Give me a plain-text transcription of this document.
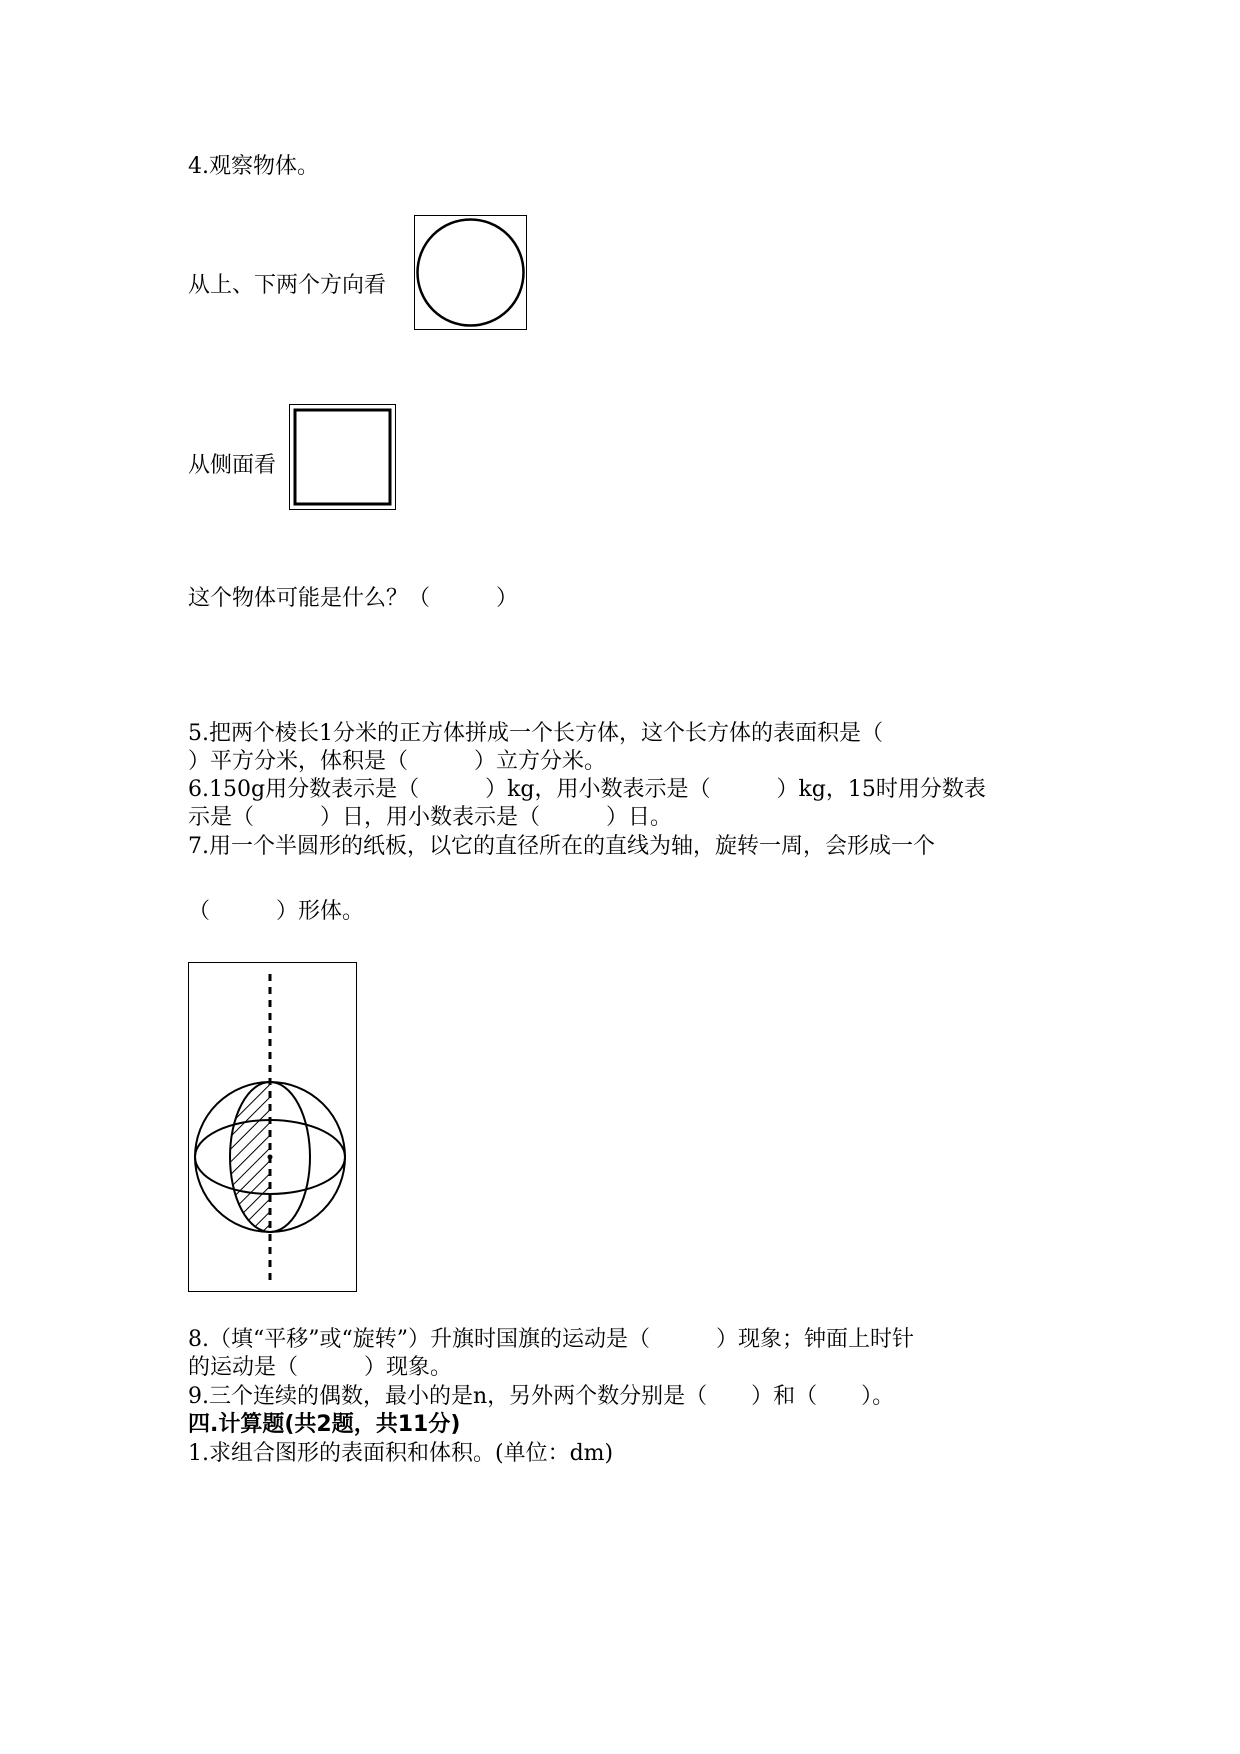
4.观察物体。
从上、下两个方向看
从侧面看
这个物体可能是什么？（　　　）
5.把两个棱长1分米的正方体拼成一个长方体，这个长方体的表面积是（
）平方分米，体积是（　　　）立方分米。
6.150g用分数表示是（　　　）kg，用小数表示是（　　　）kg，15时用分数表
示是（　　　）日，用小数表示是（　　　）日。
7.用一个半圆形的纸板，以它的直径所在的直线为轴，旋转一周，会形成一个
（　　　）形体。
8.（填“平移”或“旋转”）升旗时国旗的运动是（　　　）现象；钟面上时针
的运动是（　　　）现象。
9.三个连续的偶数，最小的是n，另外两个数分别是（　　）和（　　）。
四.计算题(共2题，共11分)
1.求组合图形的表面积和体积。(单位：dm)
